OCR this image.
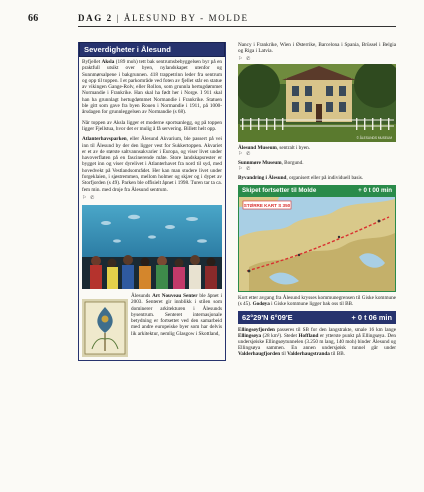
66	DAG 2 | ÅLESUND BY - MOLDE
Severdigheter i Ålesund

Byfjellet Aksla (189 moh) tett bak sentrumsbebyggelsen byr på en praktfull utsikt over byen, nylandskapet utenfor og Sunnmørsalpene i bakgrunnen. 418 trappetrinn leder fra sentrum og opp til toppen. I et parkområde ved foten av fjellet står en statue av vikingen Gange-Rolv, eller Rollon, som grunnla hertugdømmet Normandie i Frankrike. Han skal ha født her i Norge. I 911 skal han ha grunnlagt hertugdømmet Normandie i Frankrike. Statuen ble gitt som gave fra byen Rouen i Normandie i 1911, på 1000-årsdagen for grunnleggelsen av Normandie (s 68).

Når toppen av Aksla ligger et moderne sportsanlegg, og på toppen ligger Fjellstua, hvor det er mulig å få servering. Billett helt opp.

Atlanterhavsparken, eller Ålesund Akvarium, ble passert på vei inn til Ålesund by der den ligger vest for Sukkertoppen. Akvariet er et av de største saltvannsakvarier i Europa, og viser livet under havoverflaten på en fascinerende måte. Store landskapsrester er bygget inn og viser dyrelivet i Atlanterhavet fra nord til syd, med hovedvekt på Vestlandsområdet. Her kan man studere livet under forgeklaien, i sjøstremmen, mellom holmer og skjær og i dypet av Storfjorden (s 49). Parken ble offisielt åpnet i 1998. Turen tar ta ca. fem min. med droje fra Ålesund sentrum.

⚐ ✆

Ålesunds Art Nouveau Senter ble åpnet i 2003. Senteret gir innblikk i stilen som dominerer arkitekturen i Ålesunds bysentrum. Senteret internasjonale betydning er fortsettet ved den samarbeid med andre europeiske byer som har delvis lik arkitektur, nemlig Glasgow i Skottland,

Nancy i Frankrike, Wien i Østerrike, Barcelona i Spania, Brüssel i Belgia og Riga i Latvia.

⚐ ✆
© ÅLESUNDS MUSEUM

Ålesund Museum, sentralt i byen.

⚐ ✆

Sunnmøre Museum, Borgund.

⚐ ✆

Byvandring i Ålesund, organisert eller på individuell basis.

Skipet fortsetter til Molde	+ 0 t 00 min
STØRRE KART S 350

Kort etter avgang fra Ålesund krysses kommunegrensen til Giske kommune (s 45). Godøya i Giske kommune ligger bak oss til BB.

62°29'N 6°09'E	+ 0 t 06 min

Ellingsøyfjorden passeres til SB for den langstrakte, smale 16 km lange Ellingsøya (28 km²). Stedet Hoffland er ytterste punkt på Ellingsøya. Den undersjøiske Ellingsøytunnelen (3.250 m lang, 140 moh) binder Ålesund og Ellingsøya sammen. En annen undersjøisk tunnel går under Valderhaugfjorden til Valderhaugstranda til BB.
